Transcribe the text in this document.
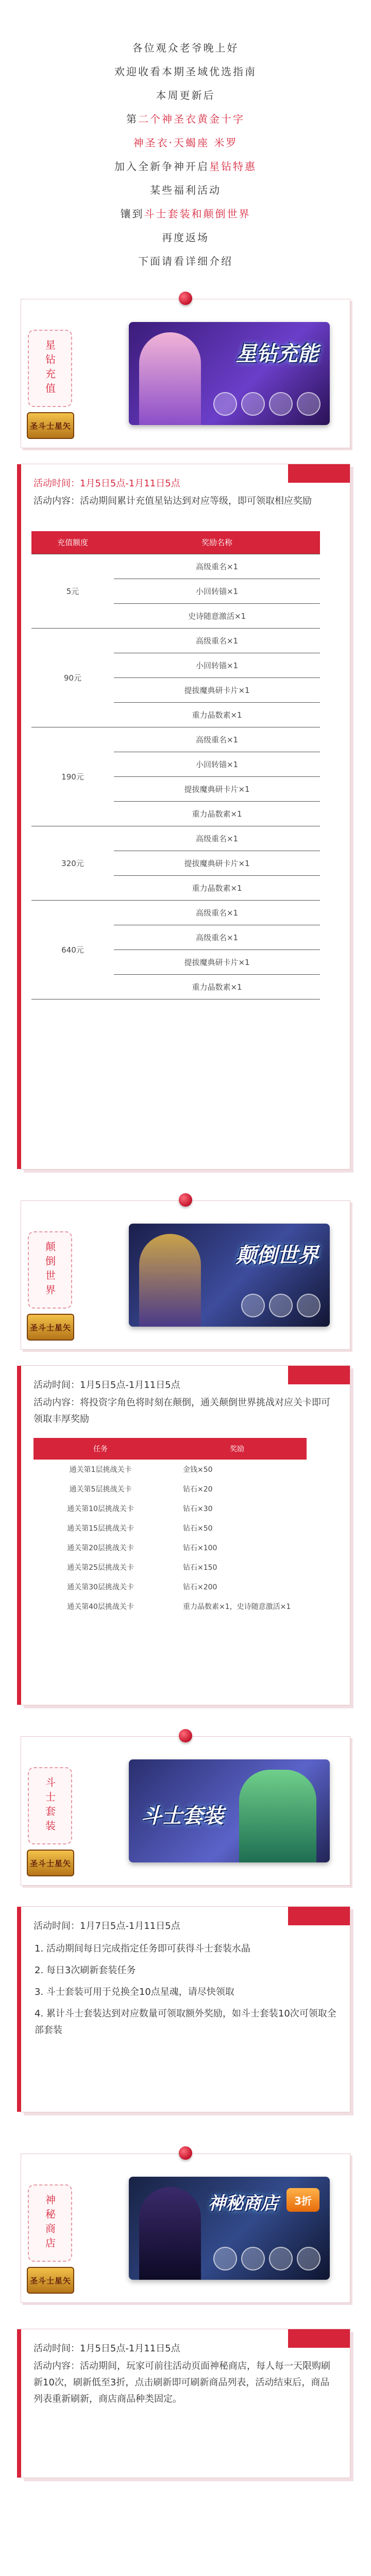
各位观众老爷晚上好

欢迎收看本期圣域优选指南

本周更新后

第二个神圣衣黄金十字

神圣衣·天蝎座 米罗

加入全新争神开启星钻特惠

某些福利活动

镶到斗士套装和颠倒世界

再度返场

下面请看详细介绍

星钻充值
圣斗士星矢
星钻充能
活动时间：1月5日5点-1月11日5点
活动内容：活动期间累计充值星钻达到对应等级，即可领取相应奖励
充值额度	奖励名称
5元	高级重名×1
	小回转锚×1
	史诗随意激活×1
90元	高级重名×1
	小回转锚×1
	提拔魔典研卡片×1
	重力晶数素×1
190元	高级重名×1
	小回转锚×1
	提拔魔典研卡片×1
	重力晶数素×1
320元	高级重名×1
	提拔魔典研卡片×1
	重力晶数素×1
640元	高级重名×1
	高级重名×1
	提拔魔典研卡片×1
	重力晶数素×1
颠倒世界
圣斗士星矢
颠倒世界
活动时间：1月5日5点-1月11日5点
活动内容：将投资字角色将时刻在颠倒，通关颠倒世界挑战对应关卡即可领取丰厚奖励
任务	奖励
通关第1层挑战关卡	金钱×50
通关第5层挑战关卡	钻石×20
通关第10层挑战关卡	钻石×30
通关第15层挑战关卡	钻石×50
通关第20层挑战关卡	钻石×100
通关第25层挑战关卡	钻石×150
通关第30层挑战关卡	钻石×200
通关第40层挑战关卡	重力晶数素×1，史诗随意激活×1
斗士套装
圣斗士星矢
斗士套装
活动时间：1月7日5点-1月11日5点
1. 活动期间每日完成指定任务即可获得斗士套装水晶
2. 每日3次刷新套装任务
3. 斗士套装可用于兑换全10点星魂，请尽快领取
4. 累计斗士套装达到对应数量可领取额外奖励，如斗士套装10次可领取全部套装
神秘商店
圣斗士星矢
神秘商店	3折
活动时间：1月5日5点-1月11日5点
活动内容：活动期间，玩家可前往活动页面神秘商店，每人每一天限购刷新10次，刷新低至3折，点击刷新即可刷新商品列表，活动结束后，商品列表重新刷新，商店商品种类固定。
